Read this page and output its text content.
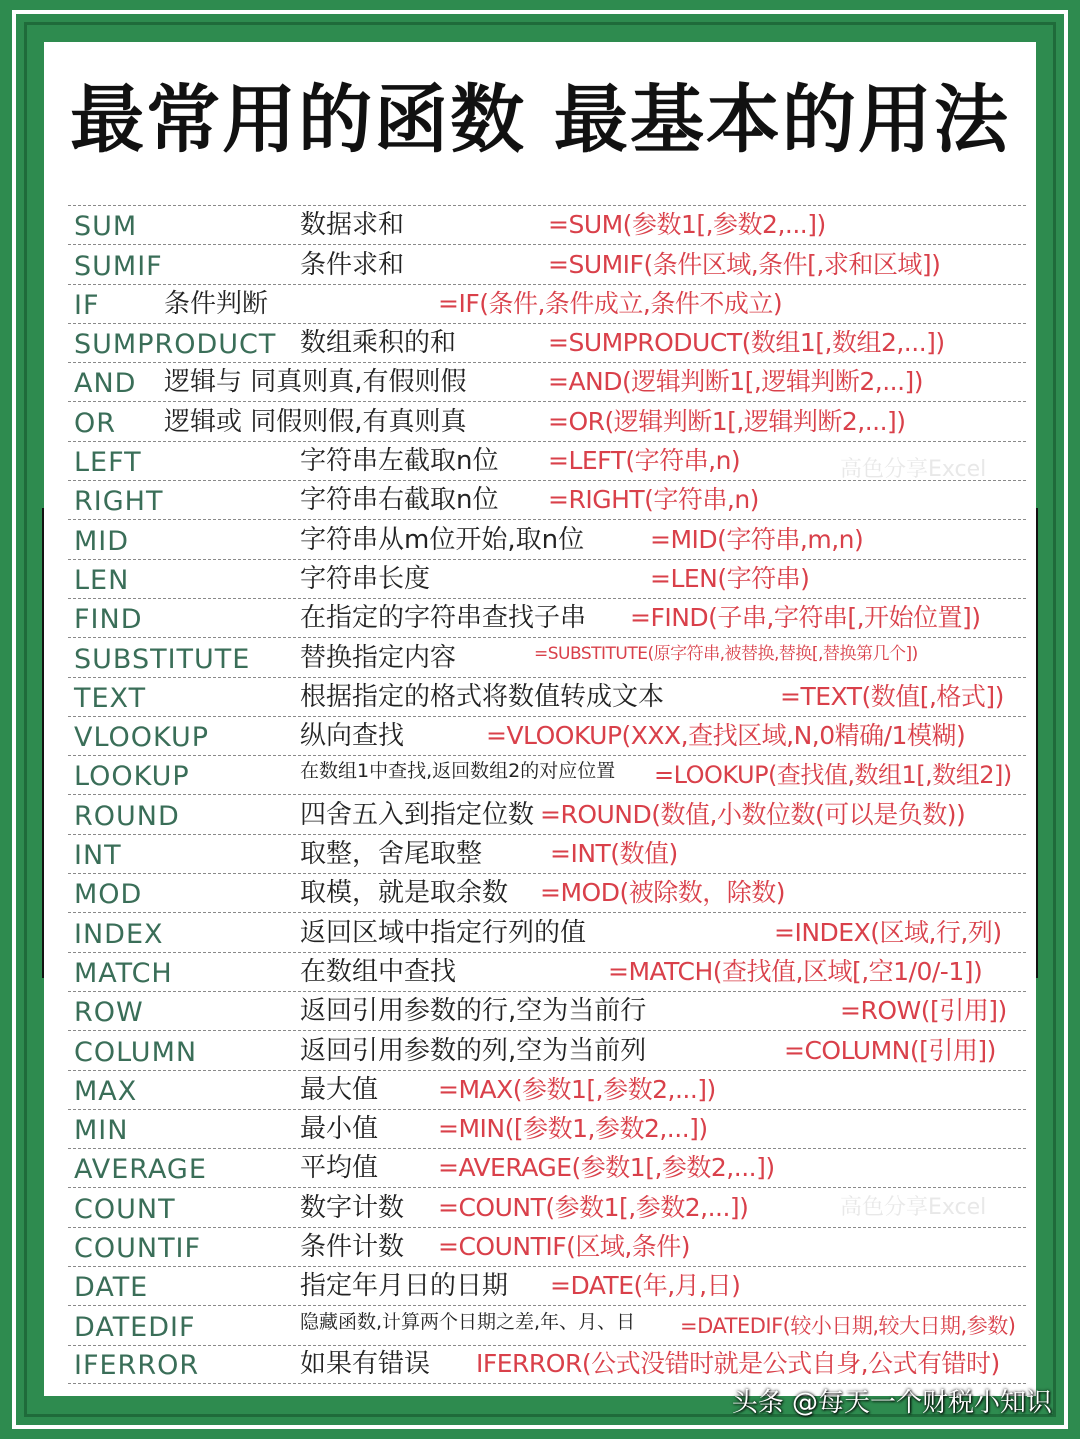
最常用的函数 最基本的用法
高色分享Excel
高色分享Excel
SUM	数据求和	=SUM(参数1[,参数2,...])
SUMIF	条件求和	=SUMIF(条件区域,条件[,求和区域])
IF 条件判断	=IF(条件,条件成立,条件不成立)
SUMPRODUCT 数组乘积的和	=SUMPRODUCT(数组1[,数组2,...])
AND 逻辑与 同真则真,有假则假	=AND(逻辑判断1[,逻辑判断2,...])
OR 逻辑或 同假则假,有真则真	=OR(逻辑判断1[,逻辑判断2,...])
LEFT	字符串左截取n位 =LEFT(字符串,n)
RIGHT	字符串右截取n位 =RIGHT(字符串,n)
MID	字符串从m位开始,取n位	=MID(字符串,m,n)
LEN	字符串长度	=LEN(字符串)
FIND	在指定的字符串查找子串 =FIND(子串,字符串[,开始位置])
SUBSTITUTE 替换指定内容	=SUBSTITUTE(原字符串,被替换,替换[,替换第几个])
TEXT	根据指定的格式将数值转成文本	=TEXT(数值[,格式])
VLOOKUP	纵向查找	=VLOOKUP(XXX,查找区域,N,0精确/1模糊)
LOOKUP	在数组1中查找,返回数组2的对应位置 =LOOKUP(查找值,数组1[,数组2])
ROUND	四舍五入到指定位数 =ROUND(数值,小数位数(可以是负数))
INT	取整，舍尾取整	=INT(数值)
MOD	取模，就是取余数 =MOD(被除数，除数)
INDEX	返回区域中指定行列的值	=INDEX(区域,行,列)
MATCH	在数组中查找	=MATCH(查找值,区域[,空1/0/-1])
ROW	返回引用参数的行,空为当前行	=ROW([引用])
COLUMN	返回引用参数的列,空为当前列	=COLUMN([引用])
MAX	最大值 =MAX(参数1[,参数2,...])
MIN	最小值 =MIN([参数1,参数2,...])
AVERAGE	平均值 =AVERAGE(参数1[,参数2,...])
COUNT	数字计数 =COUNT(参数1[,参数2,...])
COUNTIF	条件计数 =COUNTIF(区域,条件)
DATE	指定年月日的日期 =DATE(年,月,日)
DATEDIF	隐藏函数,计算两个日期之差,年、月、日 =DATEDIF(较小日期,较大日期,参数)
IFERROR	如果有错误 IFERROR(公式没错时就是公式自身,公式有错时)
头条 @每天一个财税小知识
